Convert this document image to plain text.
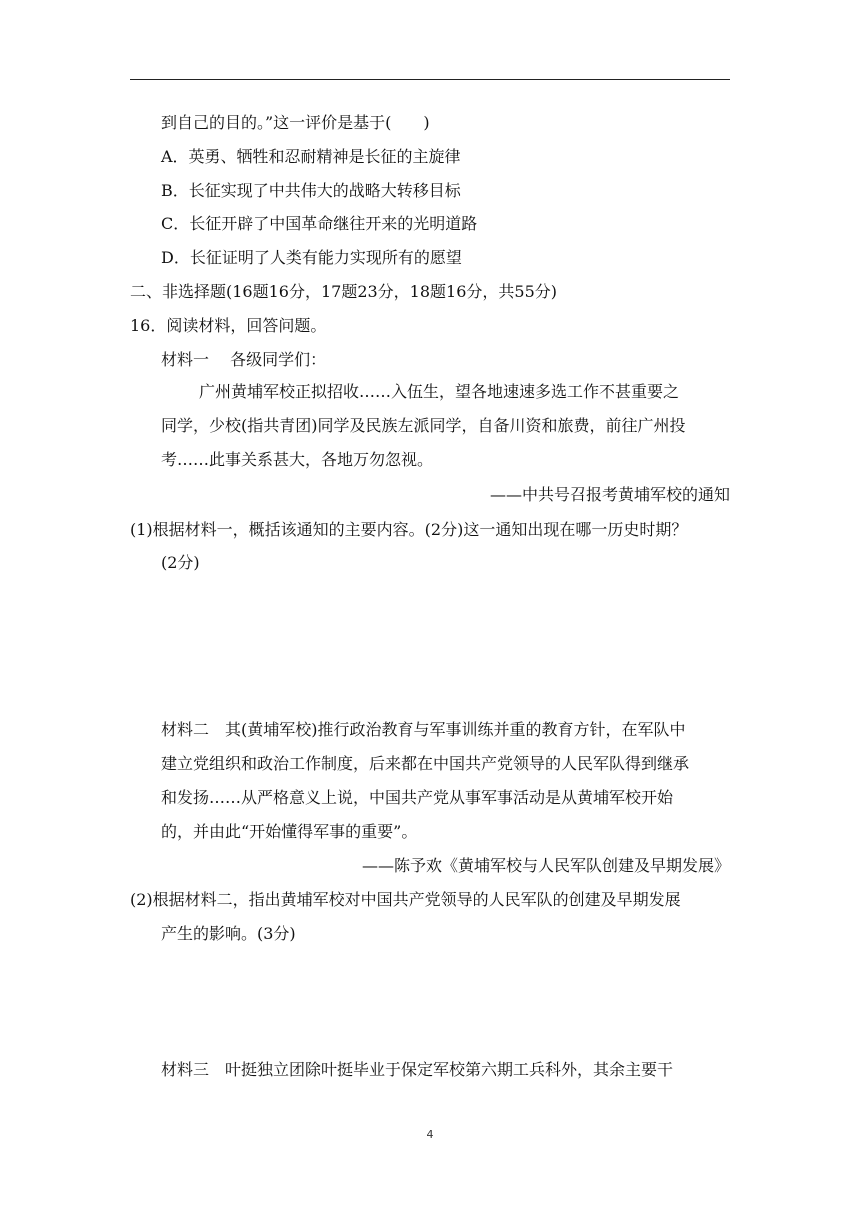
到自己的目的。”这一评价是基于(　　)
A．英勇、牺牲和忍耐精神是长征的主旋律
B．长征实现了中共伟大的战略大转移目标
C．长征开辟了中国革命继往开来的光明道路
D．长征证明了人类有能力实现所有的愿望
二、非选择题(16题16分，17题23分，18题16分，共55分)
16．阅读材料，回答问题。
材料一　 各级同学们：
广州黄埔军校正拟招收……入伍生，望各地速速多选工作不甚重要之
同学，少校(指共青团)同学及民族左派同学，自备川资和旅费，前往广州投
考……此事关系甚大，各地万勿忽视。
——中共号召报考黄埔军校的通知
(1)根据材料一，概括该通知的主要内容。(2分)这一通知出现在哪一历史时期？
(2分)
材料二　其(黄埔军校)推行政治教育与军事训练并重的教育方针，在军队中
建立党组织和政治工作制度，后来都在中国共产党领导的人民军队得到继承
和发扬……从严格意义上说，中国共产党从事军事活动是从黄埔军校开始
的，并由此“开始懂得军事的重要”。
——陈予欢《黄埔军校与人民军队创建及早期发展》
(2)根据材料二，指出黄埔军校对中国共产党领导的人民军队的创建及早期发展
产生的影响。(3分)
材料三　叶挺独立团除叶挺毕业于保定军校第六期工兵科外，其余主要干
4
